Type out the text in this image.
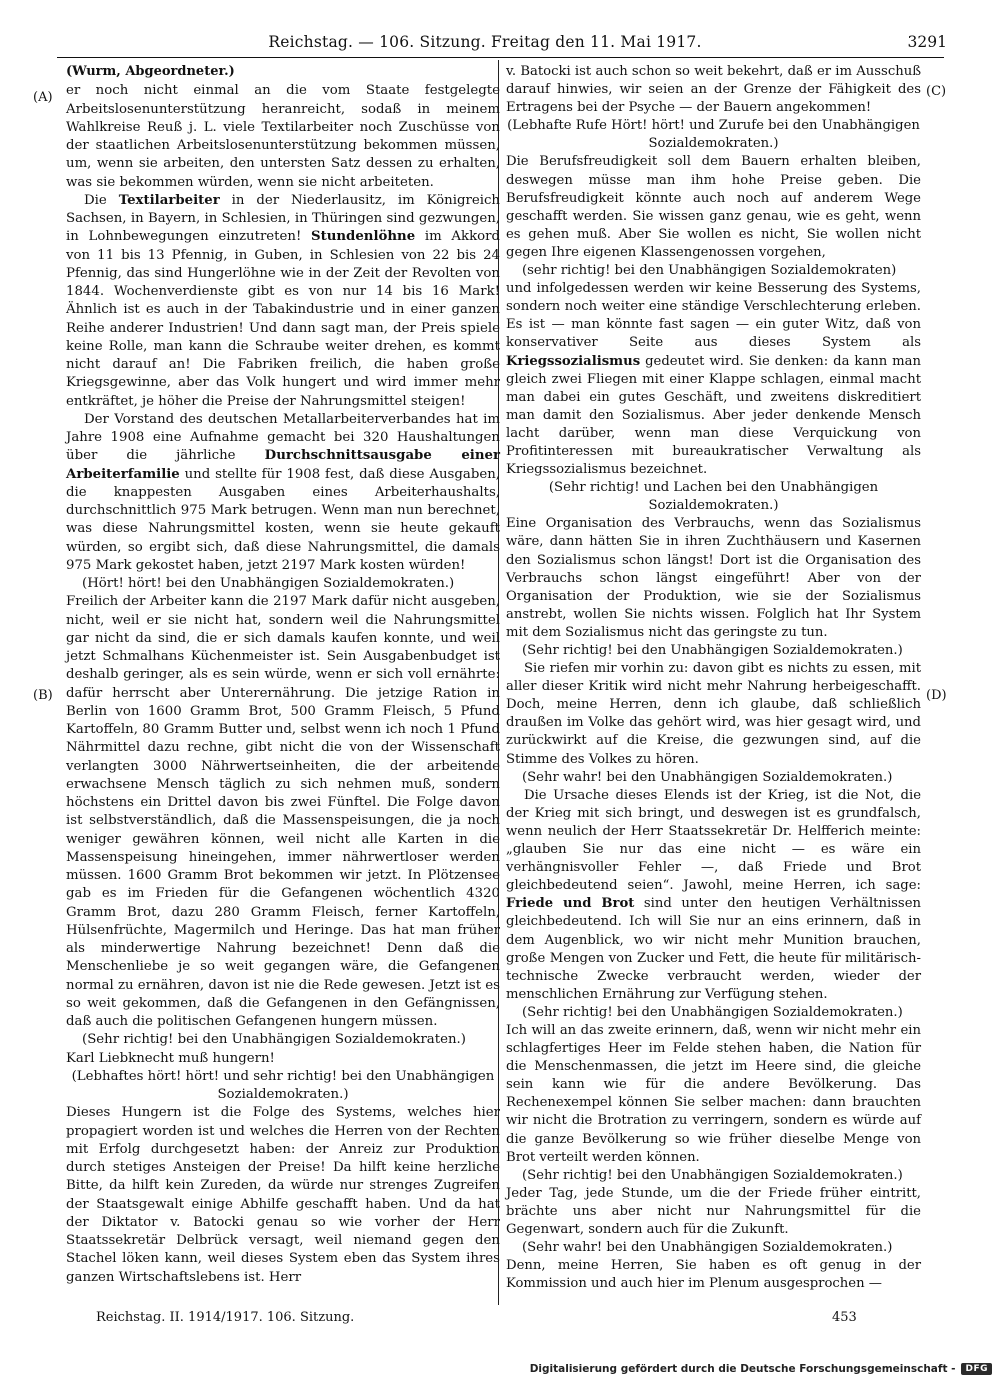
Reichstag. — 106. Sitzung. Freitag den 11. Mai 1917.	3291
(A)
(B)
(C)
(D)

(Wurm, Abgeordneter.)

er noch nicht einmal an die vom Staate festgelegte Arbeitslosenunterstützung heranreicht, sodaß in meinem Wahlkreise Reuß j. L. viele Textilarbeiter noch Zuschüsse von der staatlichen Arbeitslosenunterstützung bekommen müssen, um, wenn sie arbeiten, den untersten Satz dessen zu erhalten, was sie bekommen würden, wenn sie nicht arbeiteten.

Die Textilarbeiter in der Niederlausitz, im Königreich Sachsen, in Bayern, in Schlesien, in Thüringen sind gezwungen, in Lohnbewegungen einzutreten! Stundenlöhne im Akkord von 11 bis 13 Pfennig, in Guben, in Schlesien von 22 bis 24 Pfennig, das sind Hungerlöhne wie in der Zeit der Revolten von 1844. Wochenverdienste gibt es von nur 14 bis 16 Mark! Ähnlich ist es auch in der Tabakindustrie und in einer ganzen Reihe anderer Industrien! Und dann sagt man, der Preis spiele keine Rolle, man kann die Schraube weiter drehen, es kommt nicht darauf an! Die Fabriken freilich, die haben große Kriegsgewinne, aber das Volk hungert und wird immer mehr entkräftet, je höher die Preise der Nahrungsmittel steigen!

Der Vorstand des deutschen Metallarbeiterverbandes hat im Jahre 1908 eine Aufnahme gemacht bei 320 Haushaltungen über die jährliche Durchschnittsausgabe einer Arbeiterfamilie und stellte für 1908 fest, daß diese Ausgaben, die knappesten Ausgaben eines Arbeiterhaushalts, durchschnittlich 975 Mark betrugen. Wenn man nun berechnet, was diese Nahrungsmittel kosten, wenn sie heute gekauft würden, so ergibt sich, daß diese Nahrungsmittel, die damals 975 Mark gekostet haben, jetzt 2197 Mark kosten würden!

(Hört! hört! bei den Unabhängigen Sozialdemokraten.)

Freilich der Arbeiter kann die 2197 Mark dafür nicht ausgeben, nicht, weil er sie nicht hat, sondern weil die Nahrungsmittel gar nicht da sind, die er sich damals kaufen konnte, und weil jetzt Schmalhans Küchenmeister ist. Sein Ausgabenbudget ist deshalb geringer, als es sein würde, wenn er sich voll ernährte: dafür herrscht aber Unterernährung. Die jetzige Ration in Berlin von 1600 Gramm Brot, 500 Gramm Fleisch, 5 Pfund Kartoffeln, 80 Gramm Butter und, selbst wenn ich noch 1 Pfund Nährmittel dazu rechne, gibt nicht die von der Wissenschaft verlangten 3000 Nährwertseinheiten, die der arbeitende erwachsene Mensch täglich zu sich nehmen muß, sondern höchstens ein Drittel davon bis zwei Fünftel. Die Folge davon ist selbstverständlich, daß die Massenspeisungen, die ja noch weniger gewähren können, weil nicht alle Karten in die Massenspeisung hineingehen, immer nährwertloser werden müssen. 1600 Gramm Brot bekommen wir jetzt. In Plötzensee gab es im Frieden für die Gefangenen wöchentlich 4320 Gramm Brot, dazu 280 Gramm Fleisch, ferner Kartoffeln, Hülsenfrüchte, Magermilch und Heringe. Das hat man früher als minderwertige Nahrung bezeichnet! Denn daß die Menschenliebe je so weit gegangen wäre, die Gefangenen normal zu ernähren, davon ist nie die Rede gewesen. Jetzt ist es so weit gekommen, daß die Gefangenen in den Gefängnissen, daß auch die politischen Gefangenen hungern müssen.

(Sehr richtig! bei den Unabhängigen Sozialdemokraten.)

Karl Liebknecht muß hungern!

(Lebhaftes hört! hört! und sehr richtig! bei den Unabhängigen Sozialdemokraten.)

Dieses Hungern ist die Folge des Systems, welches hier propagiert worden ist und welches die Herren von der Rechten mit Erfolg durchgesetzt haben: der Anreiz zur Produktion durch stetiges Ansteigen der Preise! Da hilft keine herzliche Bitte, da hilft kein Zureden, da würde nur strenges Zugreifen der Staatsgewalt einige Abhilfe geschafft haben. Und da hat der Diktator v. Batocki genau so wie vorher der Herr Staatssekretär Delbrück versagt, weil niemand gegen den Stachel löken kann, weil dieses System eben das System ihres ganzen Wirtschaftslebens ist. Herr

v. Batocki ist auch schon so weit bekehrt, daß er im Ausschuß darauf hinwies, wir seien an der Grenze der Fähigkeit des Ertragens bei der Psyche — der Bauern angekommen!

(Lebhafte Rufe Hört! hört! und Zurufe bei den Unabhängigen Sozialdemokraten.)

Die Berufsfreudigkeit soll dem Bauern erhalten bleiben, deswegen müsse man ihm hohe Preise geben. Die Berufsfreudigkeit könnte auch noch auf anderem Wege geschafft werden. Sie wissen ganz genau, wie es geht, wenn es gehen muß. Aber Sie wollen es nicht, Sie wollen nicht gegen Ihre eigenen Klassengenossen vorgehen,

(sehr richtig! bei den Unabhängigen Sozialdemokraten)

und infolgedessen werden wir keine Besserung des Systems, sondern noch weiter eine ständige Verschlechterung erleben. Es ist — man könnte fast sagen — ein guter Witz, daß von konservativer Seite aus dieses System als Kriegssozialismus gedeutet wird. Sie denken: da kann man gleich zwei Fliegen mit einer Klappe schlagen, einmal macht man dabei ein gutes Geschäft, und zweitens diskreditiert man damit den Sozialismus. Aber jeder denkende Mensch lacht darüber, wenn man diese Verquickung von Profitinteressen mit bureaukratischer Verwaltung als Kriegssozialismus bezeichnet.

(Sehr richtig! und Lachen bei den Unabhängigen Sozialdemokraten.)

Eine Organisation des Verbrauchs, wenn das Sozialismus wäre, dann hätten Sie in ihren Zuchthäusern und Kasernen den Sozialismus schon längst! Dort ist die Organisation des Verbrauchs schon längst eingeführt! Aber von der Organisation der Produktion, wie sie der Sozialismus anstrebt, wollen Sie nichts wissen. Folglich hat Ihr System mit dem Sozialismus nicht das geringste zu tun.

(Sehr richtig! bei den Unabhängigen Sozialdemokraten.)

Sie riefen mir vorhin zu: davon gibt es nichts zu essen, mit aller dieser Kritik wird nicht mehr Nahrung herbeigeschafft. Doch, meine Herren, denn ich glaube, daß schließlich draußen im Volke das gehört wird, was hier gesagt wird, und zurückwirkt auf die Kreise, die gezwungen sind, auf die Stimme des Volkes zu hören.

(Sehr wahr! bei den Unabhängigen Sozialdemokraten.)

Die Ursache dieses Elends ist der Krieg, ist die Not, die der Krieg mit sich bringt, und deswegen ist es grundfalsch, wenn neulich der Herr Staatssekretär Dr. Helfferich meinte: „glauben Sie nur das eine nicht — es wäre ein verhängnisvoller Fehler —, daß Friede und Brot gleichbedeutend seien“. Jawohl, meine Herren, ich sage: Friede und Brot sind unter den heutigen Verhältnissen gleichbedeutend. Ich will Sie nur an eins erinnern, daß in dem Augenblick, wo wir nicht mehr Munition brauchen, große Mengen von Zucker und Fett, die heute für militärisch-technische Zwecke verbraucht werden, wieder der menschlichen Ernährung zur Verfügung stehen.

(Sehr richtig! bei den Unabhängigen Sozialdemokraten.)

Ich will an das zweite erinnern, daß, wenn wir nicht mehr ein schlagfertiges Heer im Felde stehen haben, die Nation für die Menschenmassen, die jetzt im Heere sind, die gleiche sein kann wie für die andere Bevölkerung. Das Rechenexempel können Sie selber machen: dann brauchten wir nicht die Brotration zu verringern, sondern es würde auf die ganze Bevölkerung so wie früher dieselbe Menge von Brot verteilt werden können.

(Sehr richtig! bei den Unabhängigen Sozialdemokraten.)

Jeder Tag, jede Stunde, um die der Friede früher eintritt, brächte uns aber nicht nur Nahrungsmittel für die Gegenwart, sondern auch für die Zukunft.

(Sehr wahr! bei den Unabhängigen Sozialdemokraten.)

Denn, meine Herren, Sie haben es oft genug in der Kommission und auch hier im Plenum ausgesprochen —

Reichstag. II. 1914/1917. 106. Sitzung.	453
Digitalisierung gefördert durch die Deutsche Forschungsgemeinschaft -	DFG
